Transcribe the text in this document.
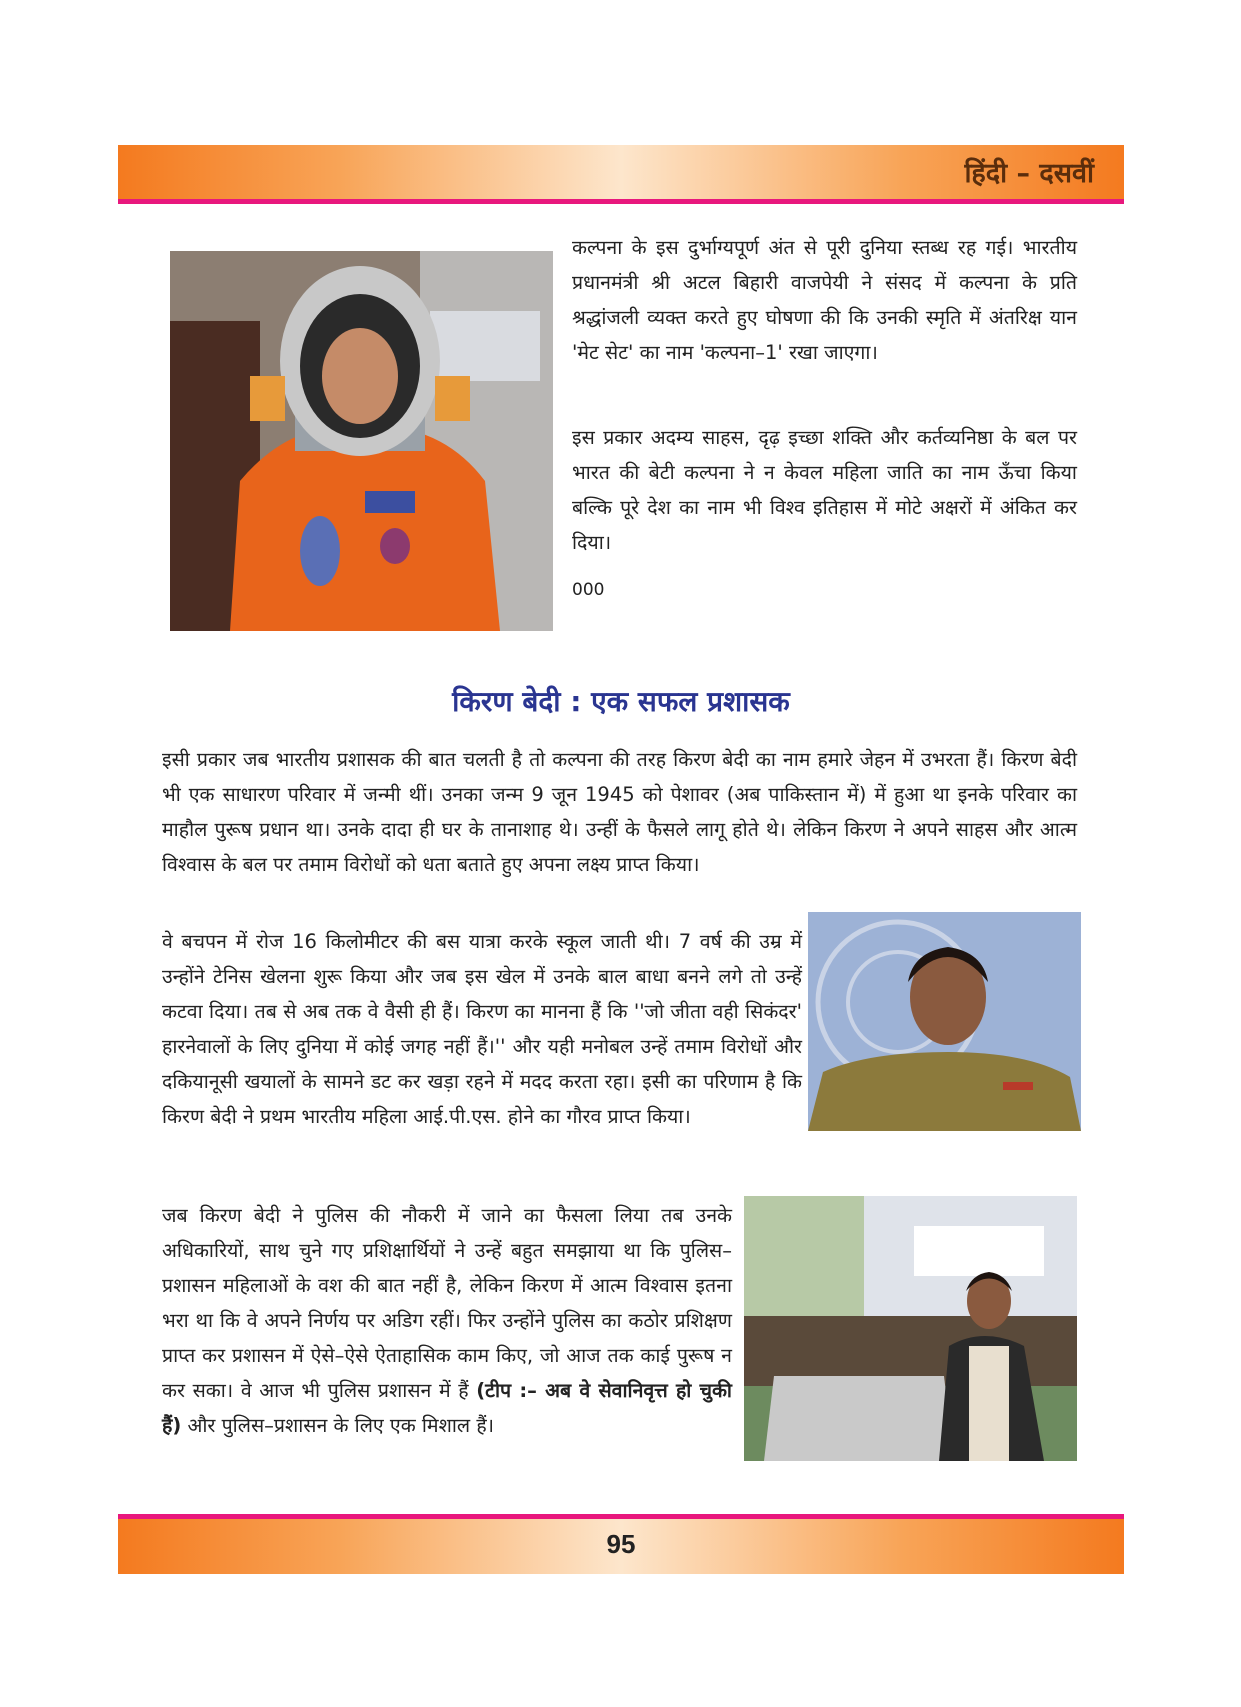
हिंदी – दसवीं

कल्पना के इस दुर्भाग्यपूर्ण अंत से पूरी दुनिया स्तब्ध रह गई। भारतीय प्रधानमंत्री श्री अटल बिहारी वाजपेयी ने संसद में कल्पना के प्रति श्रद्धांजली व्यक्त करते हुए घोषणा की कि उनकी स्मृति में अंतरिक्ष यान 'मेट सेट' का नाम 'कल्पना–1' रखा जाएगा।

इस प्रकार अदम्य साहस, दृढ़ इच्छा शक्ति और कर्तव्यनिष्ठा के बल पर भारत की बेटी कल्पना ने न केवल महिला जाति का नाम ऊँचा किया बल्कि पूरे देश का नाम भी विश्व इतिहास में मोटे अक्षरों में अंकित कर दिया।

000
किरण बेदी : एक सफल प्रशासक

इसी प्रकार जब भारतीय प्रशासक की बात चलती है तो कल्पना की तरह किरण बेदी का नाम हमारे जेहन में उभरता हैं। किरण बेदी भी एक साधारण परिवार में जन्मी थीं। उनका जन्म 9 जून 1945 को पेशावर (अब पाकिस्तान में) में हुआ था इनके परिवार का माहौल पुरूष प्रधान था। उनके दादा ही घर के तानाशाह थे। उन्हीं के फैसले लागू होते थे। लेकिन किरण ने अपने साहस और आत्म विश्वास के बल पर तमाम विरोधों को धता बताते हुए अपना लक्ष्य प्राप्त किया।

वे बचपन में रोज 16 किलोमीटर की बस यात्रा करके स्कूल जाती थी। 7 वर्ष की उम्र में उन्होंने टेनिस खेलना शुरू किया और जब इस खेल में उनके बाल बाधा बनने लगे तो उन्हें कटवा दिया। तब से अब तक वे वैसी ही हैं। किरण का मानना हैं कि ''जो जीता वही सिकंदर' हारनेवालों के लिए दुनिया में कोई जगह नहीं हैं।'' और यही मनोबल उन्हें तमाम विरोधों और दकियानूसी खयालों के सामने डट कर खड़ा रहने में मदद करता रहा। इसी का परिणाम है कि किरण बेदी ने प्रथम भारतीय महिला आई.पी.एस. होने का गौरव प्राप्त किया।

जब किरण बेदी ने पुलिस की नौकरी में जाने का फैसला लिया तब उनके अधिकारियों, साथ चुने गए प्रशिक्षार्थियों ने उन्हें बहुत समझाया था कि पुलिस–प्रशासन महिलाओं के वश की बात नहीं है, लेकिन किरण में आत्म विश्वास इतना भरा था कि वे अपने निर्णय पर अडिग रहीं। फिर उन्होंने पुलिस का कठोर प्रशिक्षण प्राप्त कर प्रशासन में ऐसे–ऐसे ऐताहासिक काम किए, जो आज तक काई पुरूष न कर सका। वे आज भी पुलिस प्रशासन में हैं (टीप :– अब वे सेवानिवृत्त हो चुकी हैं) और पुलिस–प्रशासन के लिए एक मिशाल हैं।

95
